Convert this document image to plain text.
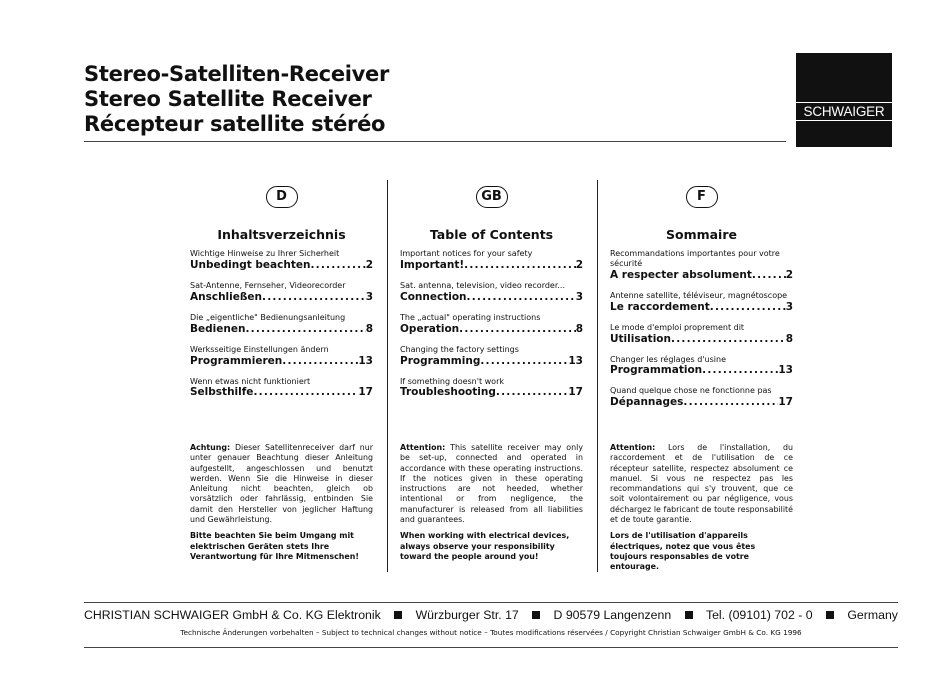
Stereo-Satelliten-Receiver
Stereo Satellite Receiver
Récepteur satellite stéréo
SCHWAIGER
D
Inhaltsverzeichnis
Wichtige Hinweise zu Ihrer Sicherheit
Unbedingt beachten .....	2
Sat-Antenne, Fernseher, Videorecorder
Anschließen .....	3
Die „eigentliche" Bedienungsanleitung
Bedienen .....	8
Werksseitige Einstellungen ändern
Programmieren .....	13
Wenn etwas nicht funktioniert
Selbsthilfe .....	17
GB
Table of Contents
Important notices for your safety
Important! .....	2
Sat. antenna, television, video recorder...
Connection .....	3
The „actual" operating instructions
Operation .....	8
Changing the factory settings
Programming .....	13
If something doesn't work
Troubleshooting .....	17
F
Sommaire
Recommandations importantes pour votre sécurité
A respecter absolument .....	2
Antenne satellite, téléviseur, magnétoscope
Le raccordement .....	3
Le mode d'emploi proprement dit
Utilisation .....	8
Changer les réglages d'usine
Programmation .....	13
Quand quelque chose ne fonctionne pas
Dépannages .....	17

Achtung: Dieser Satellitenreceiver darf nur unter genauer Beachtung dieser Anleitung aufgestellt, angeschlossen und benutzt werden. Wenn Sie die Hinweise in dieser Anleitung nicht beachten, gleich ob vorsätzlich oder fahrlässig, entbinden Sie damit den Hersteller von jeglicher Haftung und Gewährleistung.

Bitte beachten Sie beim Umgang mit elektrischen Geräten stets Ihre Verantwortung für Ihre Mitmenschen!

Attention: This satellite receiver may only be set-up, connected and operated in accordance with these operating instructions. If the notices given in these operating instructions are not heeded, whether intentional or from negligence, the manufacturer is released from all liabilities and guarantees.

When working with electrical devices, always observe your responsibility toward the people around you!

Attention: Lors de l'installation, du raccordement et de l'utilisation de ce récepteur satellite, respectez absolument ce manuel. Si vous ne respectez pas les recommandations qui s'y trouvent, que ce soit volontairement ou par négligence, vous déchargez le fabricant de toute responsabilité et de toute garantie.

Lors de l'utilisation d'appareils électriques, notez que vous êtes toujours responsables de votre entourage.

CHRISTIAN SCHWAIGER GmbH & Co. KG Elektronik	Würzburger Str. 17	D 90579 Langenzenn	Tel. (09101) 702 - 0	Germany
Technische Änderungen vorbehalten – Subject to technical changes without notice – Toutes modifications réservées / Copyright Christian Schwaiger GmbH & Co. KG 1996
